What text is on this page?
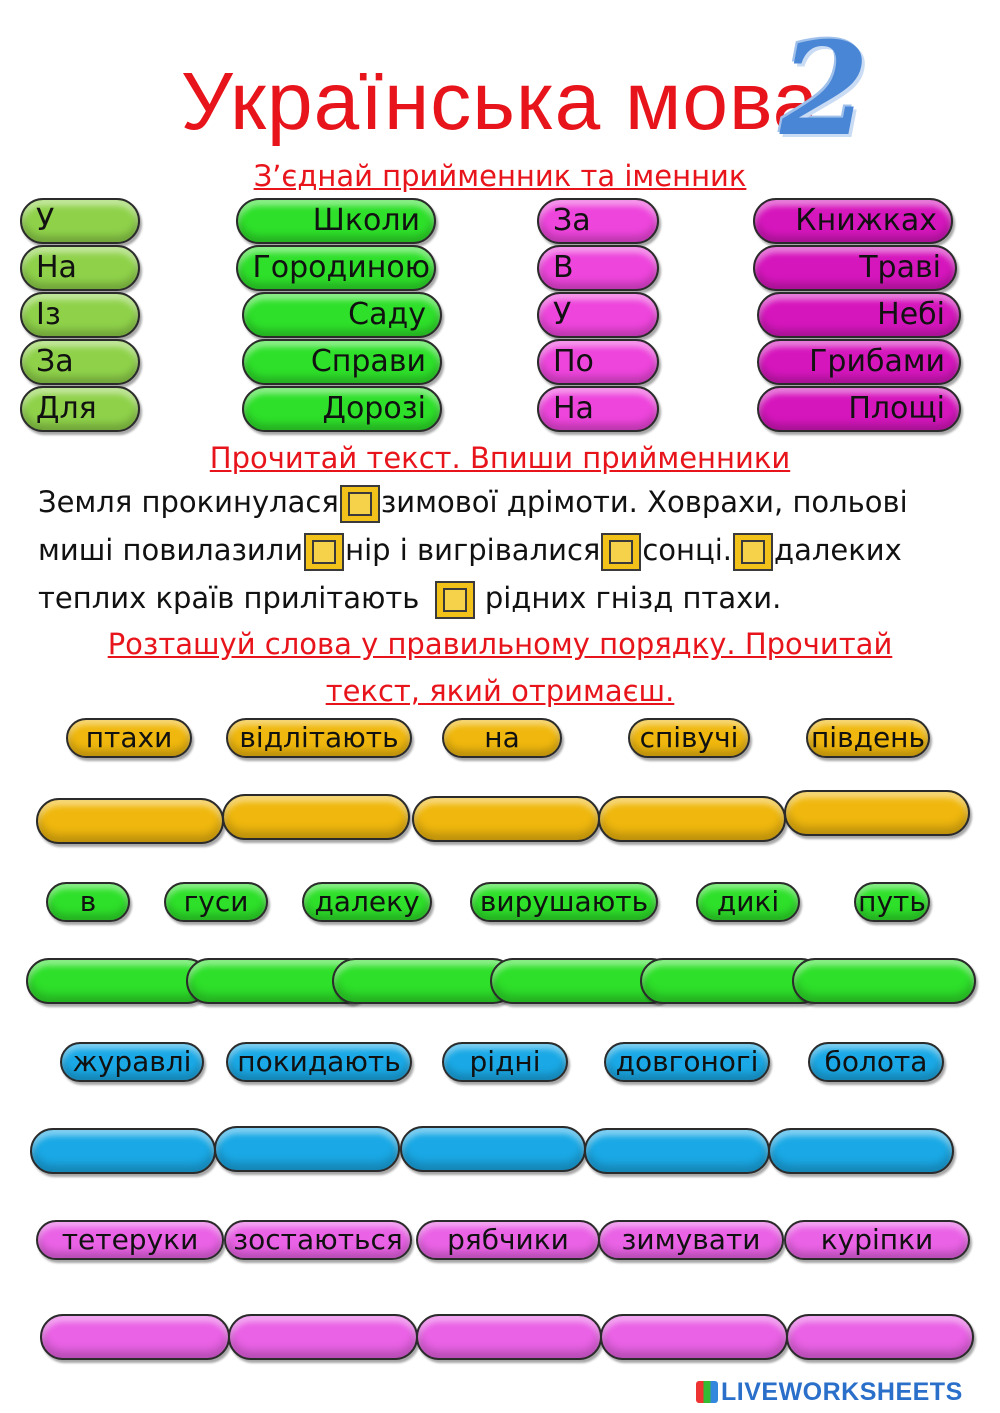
Українська мова
2
З’єднай прийменник та іменник
У
На
Із
За
Для
Школи
Городиною
Саду
Справи
Дорозі
За
В
У
По
На
Книжках
Траві
Небі
Грибами
Площі
Прочитай текст. Впиши прийменники
Земля прокинулася зимової дрімоти. Ховрахи, польові
миші повилазили нір і вигрівалися сонці. далеких
теплих країв прилітають  рідних гнізд птахи.
Розташуй слова у правильному порядку. Прочитай
текст, який отримаєш.
птахи	відлітають	на	співучі	південь
в	гуси	далеку	вирушають	дикі	путь
журавлі	покидають	рідні	довгоногі	болота
тетеруки	зостаються	рябчики	зимувати	куріпки
LIVEWORKSHEETS
